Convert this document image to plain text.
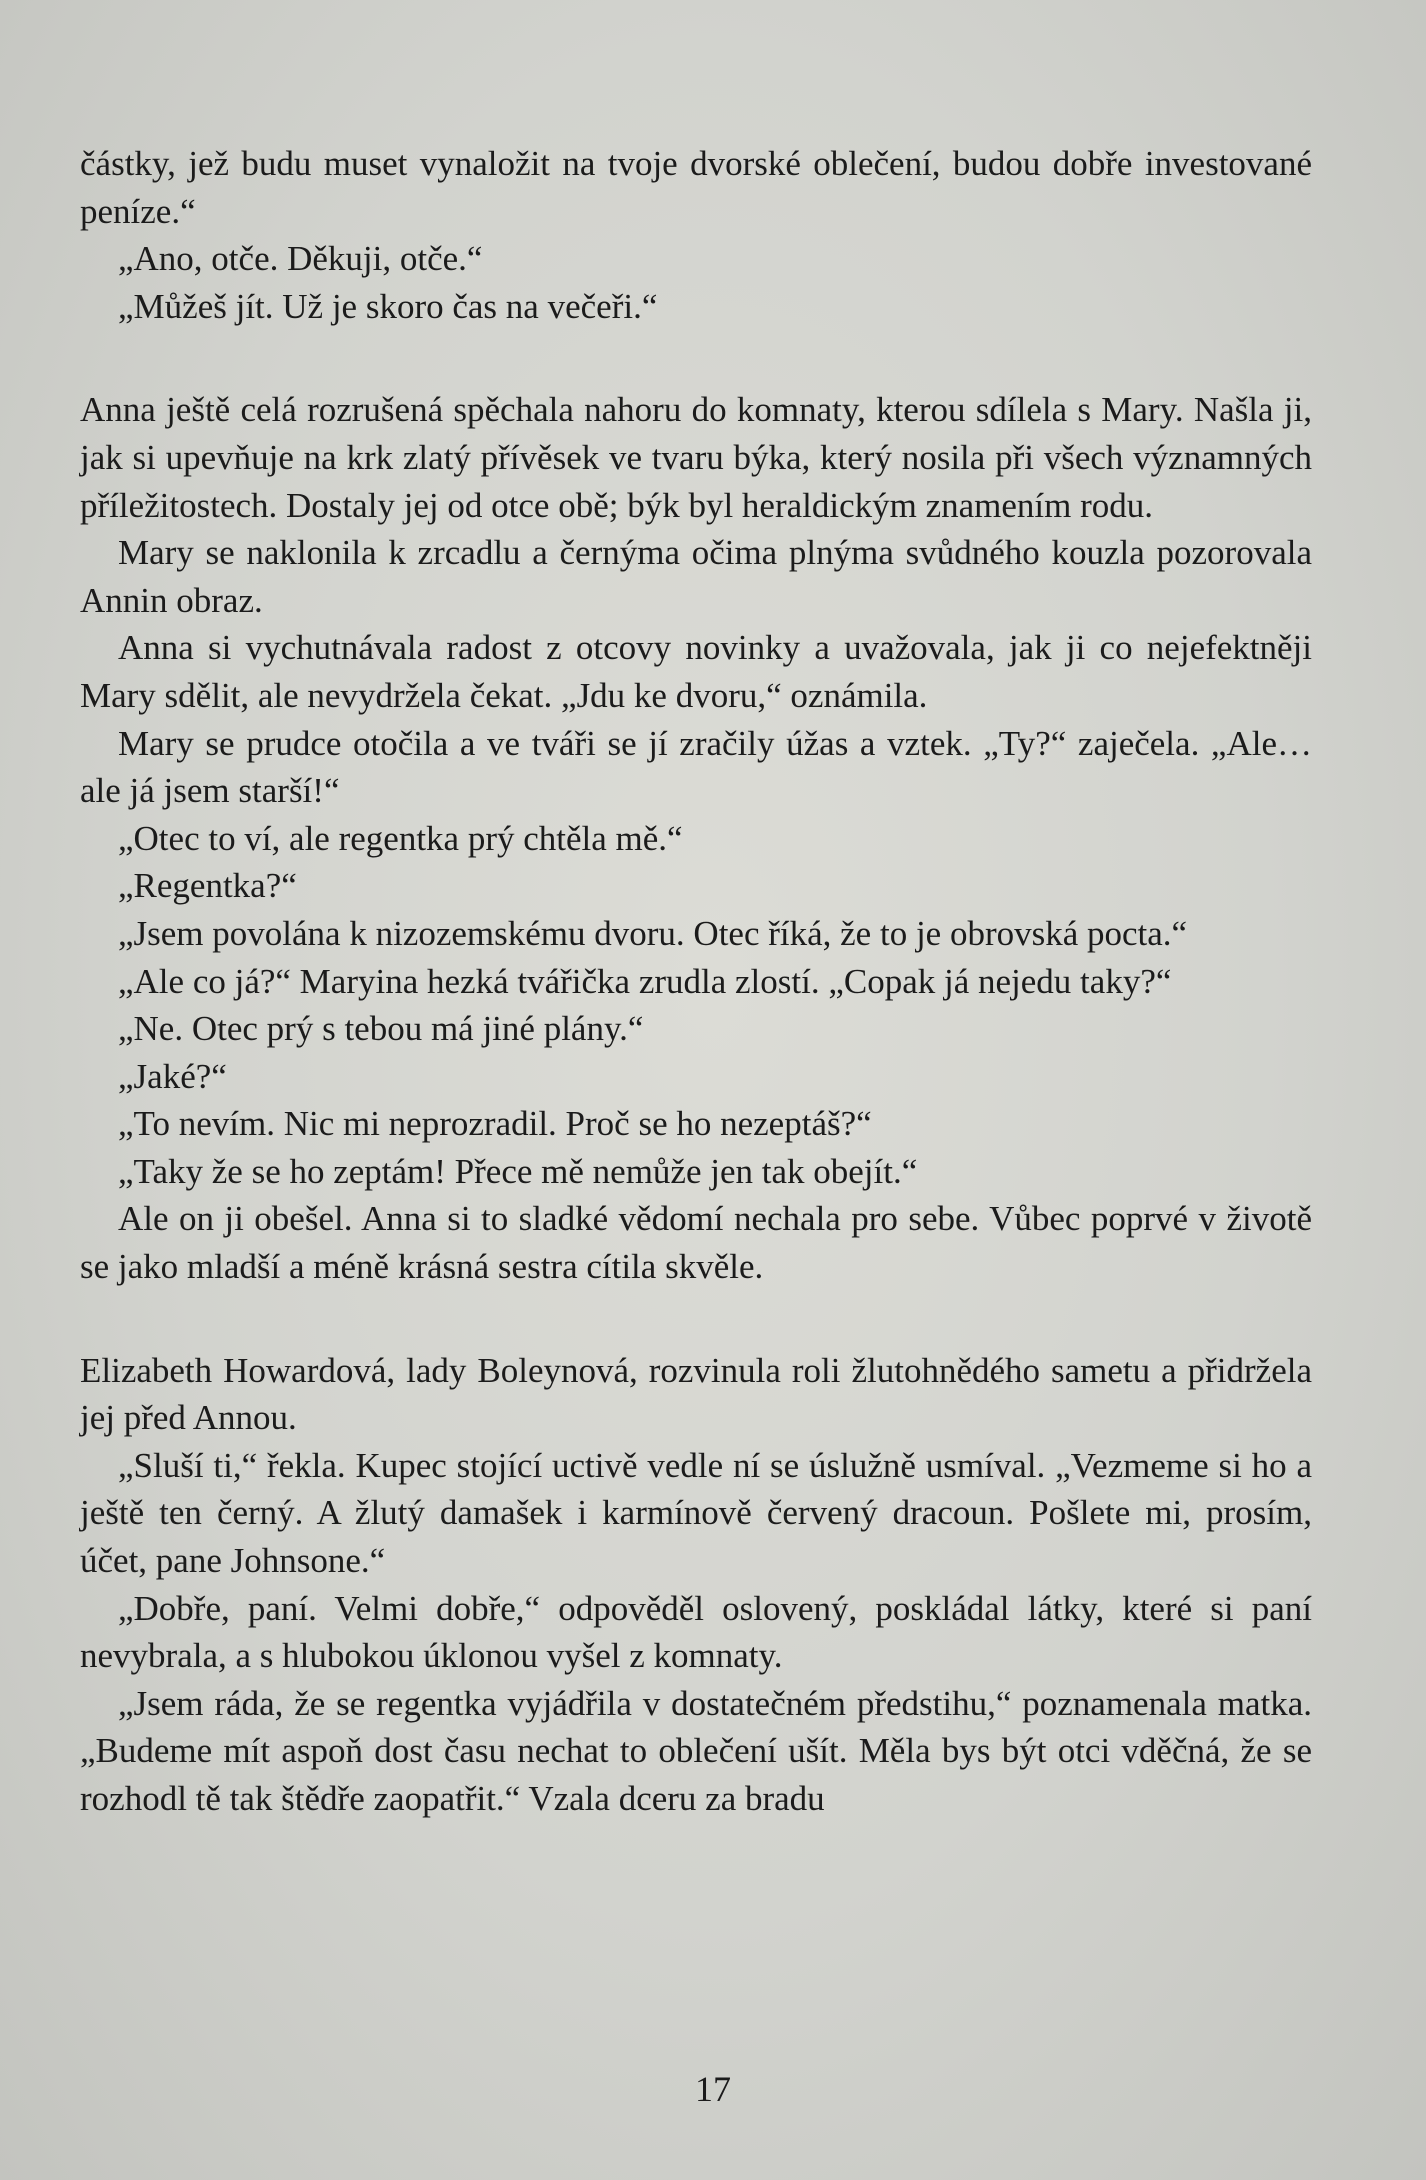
částky, jež budu muset vynaložit na tvoje dvorské oblečení, budou dobře investované peníze.“

„Ano, otče. Děkuji, otče.“

„Můžeš jít. Už je skoro čas na večeři.“

Anna ještě celá rozrušená spěchala nahoru do komnaty, kterou sdílela s Mary. Našla ji, jak si upevňuje na krk zlatý přívěsek ve tvaru býka, který nosila při všech významných příležitostech. Dostaly jej od otce obě; býk byl heraldickým znamením rodu.

Mary se naklonila k zrcadlu a černýma očima plnýma svůdného kouzla pozorovala Annin obraz.

Anna si vychutnávala radost z otcovy novinky a uvažovala, jak ji co nejefektněji Mary sdělit, ale nevydržela čekat. „Jdu ke dvoru,“ oznámila.

Mary se prudce otočila a ve tváři se jí zračily úžas a vztek. „Ty?“ zaječela. „Ale… ale já jsem starší!“

„Otec to ví, ale regentka prý chtěla mě.“

„Regentka?“

„Jsem povolána k nizozemskému dvoru. Otec říká, že to je obrovská pocta.“

„Ale co já?“ Maryina hezká tvářička zrudla zlostí. „Copak já nejedu taky?“

„Ne. Otec prý s tebou má jiné plány.“

„Jaké?“

„To nevím. Nic mi neprozradil. Proč se ho nezeptáš?“

„Taky že se ho zeptám! Přece mě nemůže jen tak obejít.“

Ale on ji obešel. Anna si to sladké vědomí nechala pro sebe. Vůbec poprvé v životě se jako mladší a méně krásná sestra cítila skvěle.

Elizabeth Howardová, lady Boleynová, rozvinula roli žlutohnědého sametu a přidržela jej před Annou.

„Sluší ti,“ řekla. Kupec stojící uctivě vedle ní se úslužně usmíval. „Vezmeme si ho a ještě ten černý. A žlutý damašek i karmínově červený dracoun. Pošlete mi, prosím, účet, pane Johnsone.“

„Dobře, paní. Velmi dobře,“ odpověděl oslovený, poskládal látky, které si paní nevybrala, a s hlubokou úklonou vyšel z komnaty.

„Jsem ráda, že se regentka vyjádřila v dostatečném předstihu,“ poznamenala matka. „Budeme mít aspoň dost času nechat to oblečení ušít. Měla bys být otci vděčná, že se rozhodl tě tak štědře zaopatřit.“ Vzala dceru za bradu

17
